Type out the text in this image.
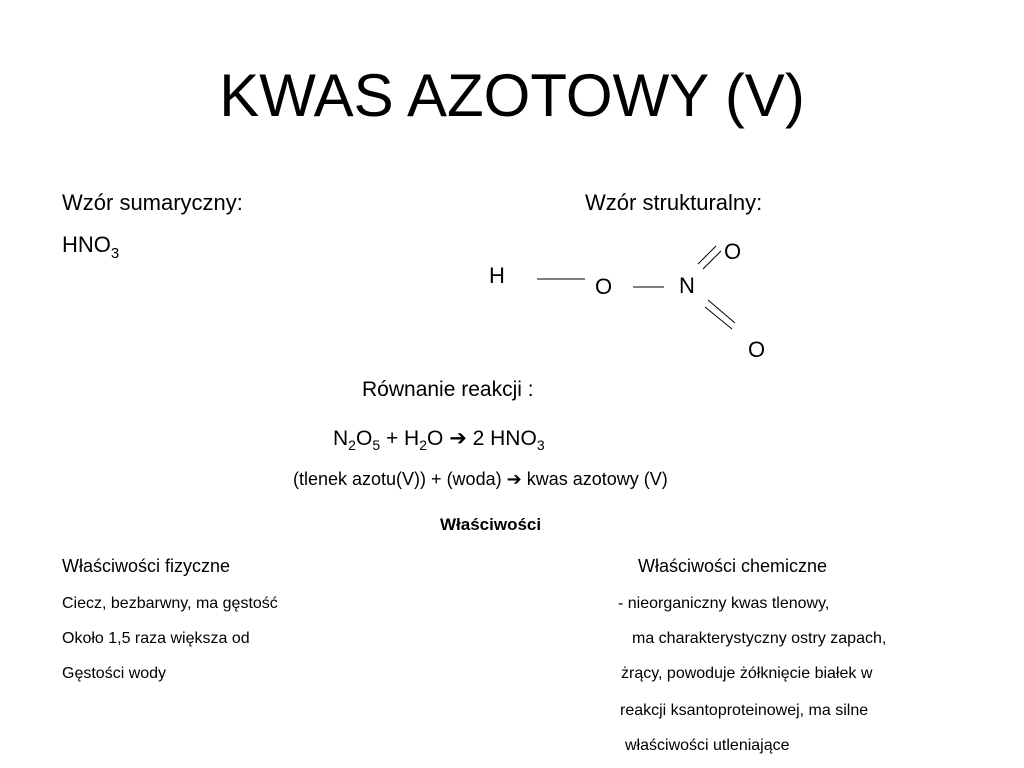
KWAS AZOTOWY (V)
Wzór sumaryczny:
$HNO_3$
Wzór strukturalny:
H	O	N
O
O
Równanie reakcji :
$N_2O_5 + H_2O$ ➔ 2 $HNO_3$
(tlenek azotu(V)) + (woda) ➔ kwas azotowy (V)
Właściwości
Właściwości fizyczne
Ciecz, bezbarwny, ma gęstość
Około 1,5 raza większa od
Gęstości wody
Właściwości chemiczne
- nieorganiczny kwas tlenowy,
ma charakterystyczny ostry zapach,
żrący, powoduje żółknięcie białek w
reakcji ksantoproteinowej, ma silne
właściwości utleniające
